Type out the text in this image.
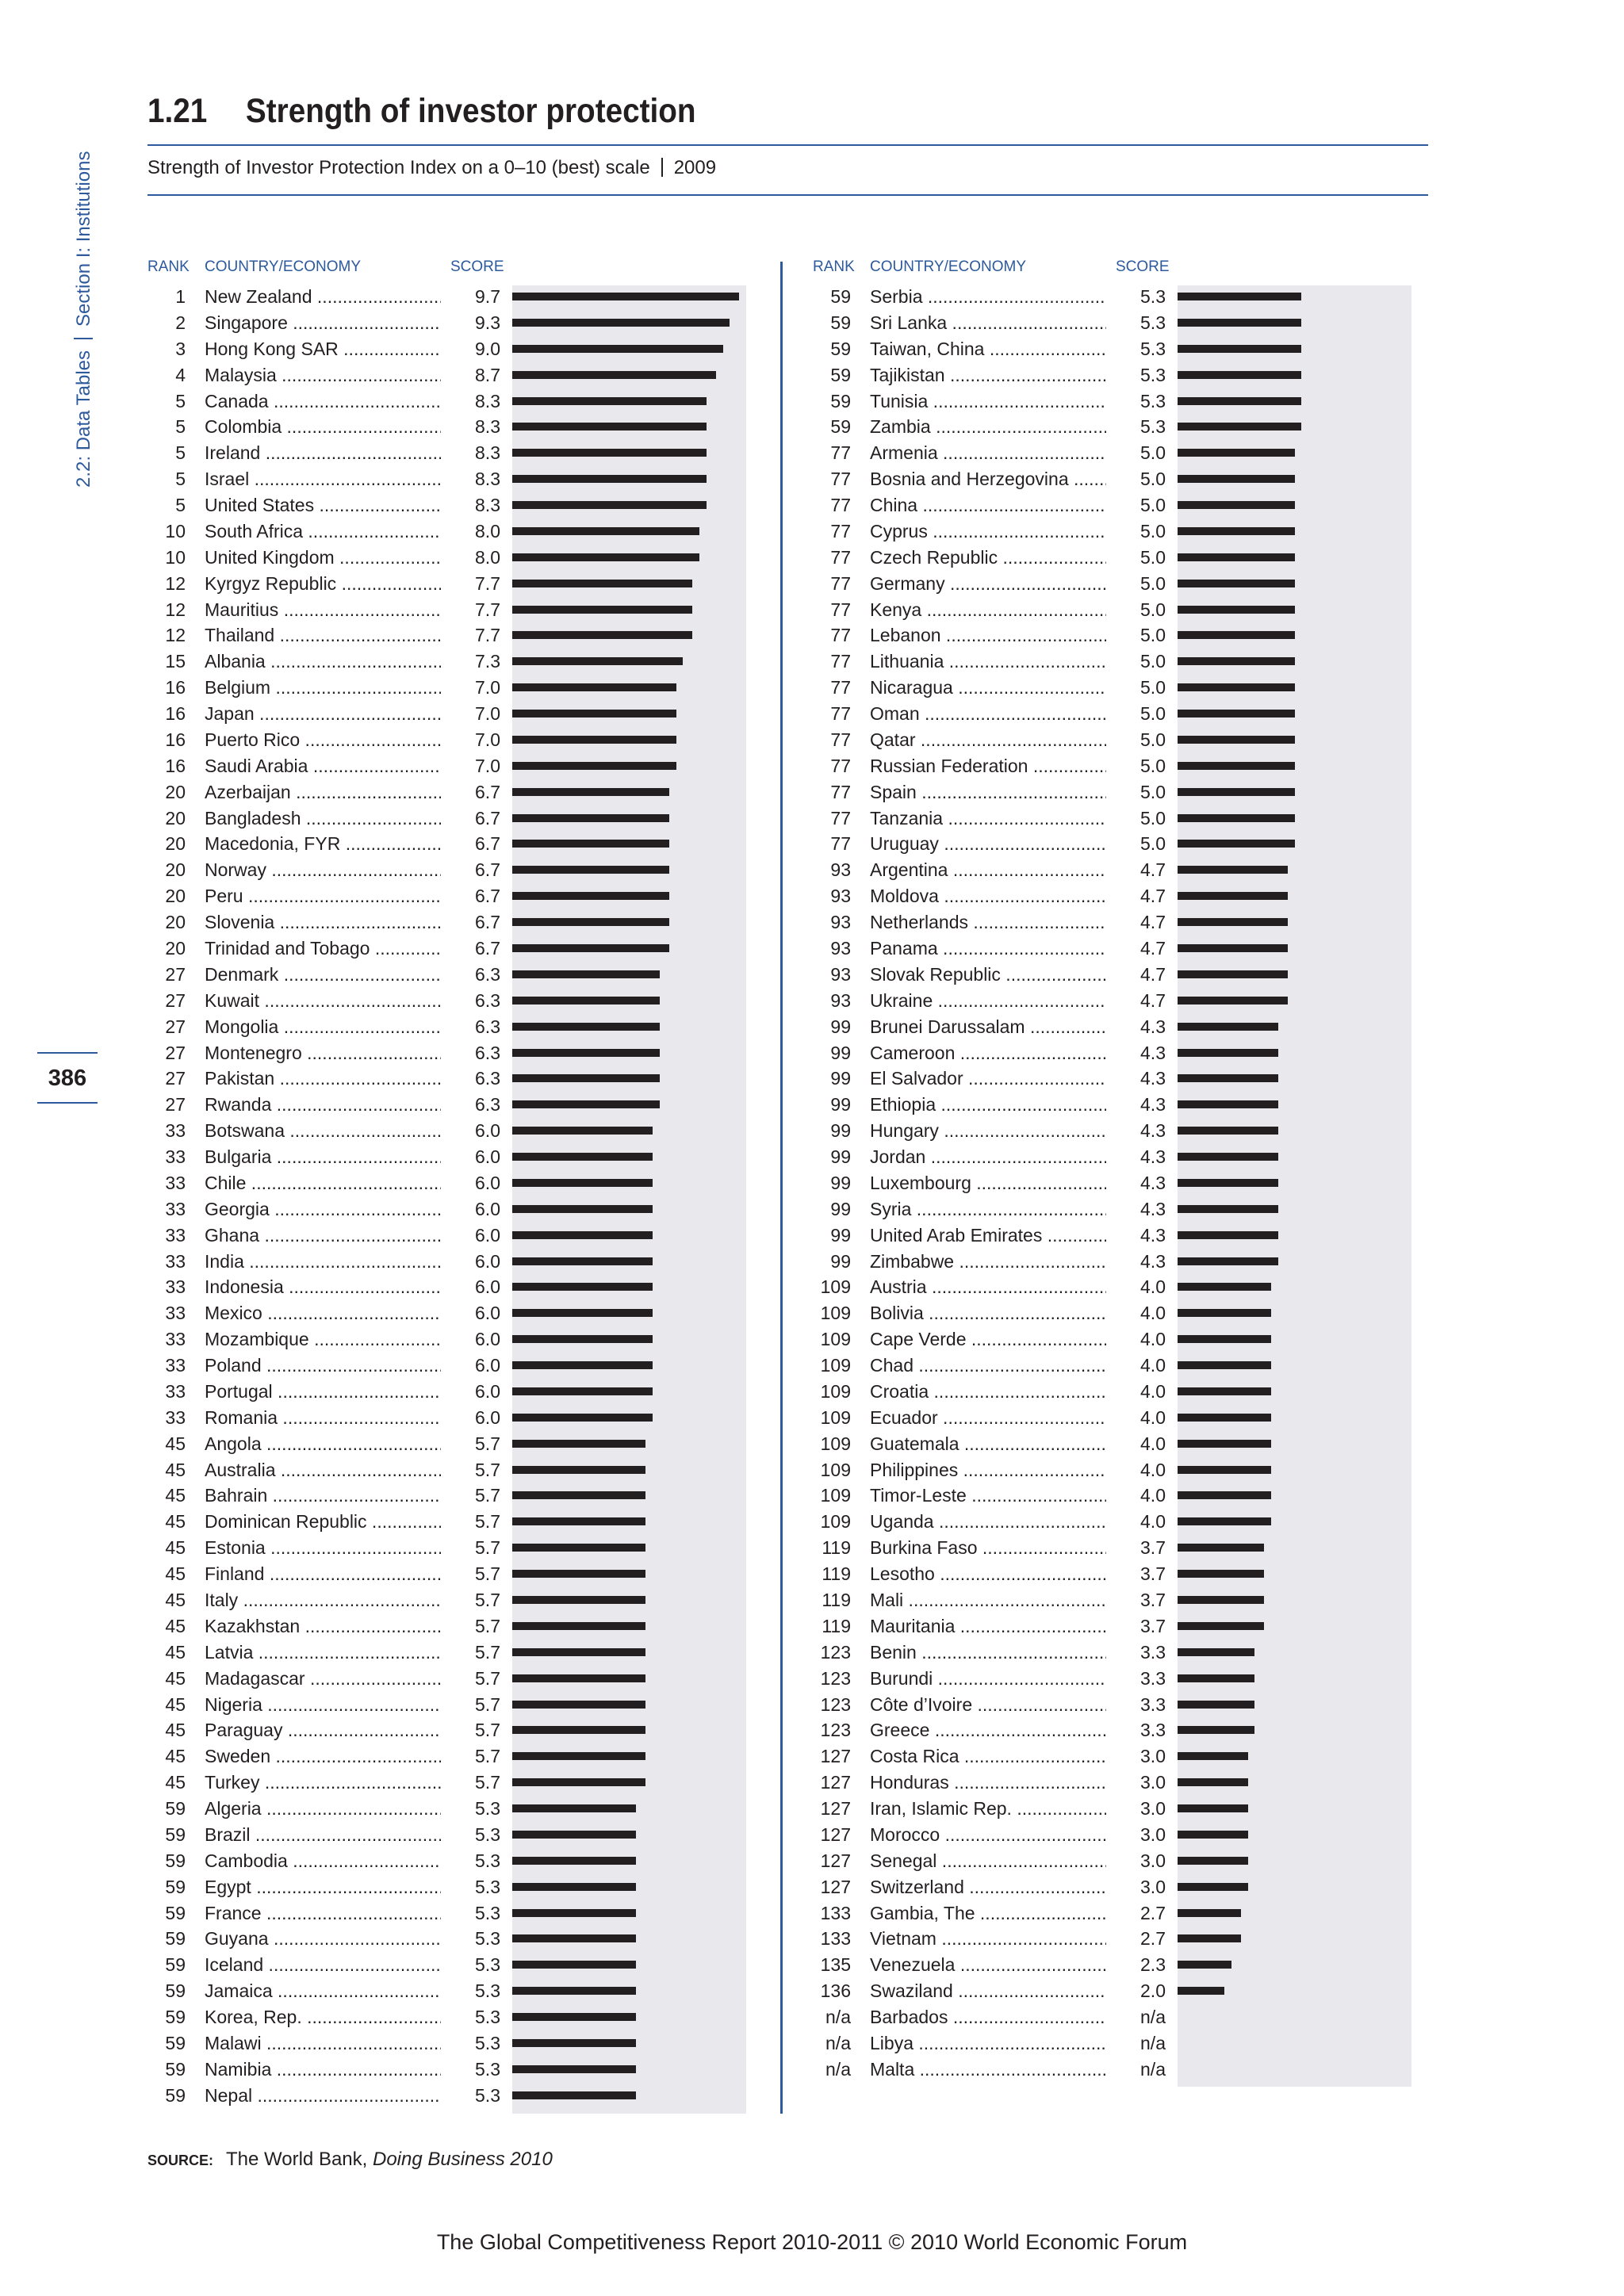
2.2: Data TablesSection I: Institutions
386
1.21 Strength of investor protection
Strength of Investor Protection Index on a 0–10 (best) scale 2009
RANK COUNTRY/ECONOMY	SCORE	RANK COUNTRY/ECONOMY	SCORE
1 New Zealand .....	9.7
2 Singapore .....	9.3
3 Hong Kong SAR .....	9.0
4 Malaysia .....	8.7
5 Canada .....	8.3
5 Colombia .....	8.3
5 Ireland .....	8.3
5 Israel .....	8.3
5 United States .....	8.3
10 South Africa .....	8.0
10 United Kingdom .....	8.0
12 Kyrgyz Republic .....	7.7
12 Mauritius .....	7.7
12 Thailand .....	7.7
15 Albania .....	7.3
16 Belgium .....	7.0
16 Japan .....	7.0
16 Puerto Rico .....	7.0
16 Saudi Arabia .....	7.0
20 Azerbaijan .....	6.7
20 Bangladesh .....	6.7
20 Macedonia, FYR .....	6.7
20 Norway .....	6.7
20 Peru .....	6.7
20 Slovenia .....	6.7
20 Trinidad and Tobago .....	6.7
27 Denmark .....	6.3
27 Kuwait .....	6.3
27 Mongolia .....	6.3
27 Montenegro .....	6.3
27 Pakistan .....	6.3
27 Rwanda .....	6.3
33 Botswana .....	6.0
33 Bulgaria .....	6.0
33 Chile .....	6.0
33 Georgia .....	6.0
33 Ghana .....	6.0
33 India .....	6.0
33 Indonesia .....	6.0
33 Mexico .....	6.0
33 Mozambique .....	6.0
33 Poland .....	6.0
33 Portugal .....	6.0
33 Romania .....	6.0
45 Angola .....	5.7
45 Australia .....	5.7
45 Bahrain .....	5.7
45 Dominican Republic .....	5.7
45 Estonia .....	5.7
45 Finland .....	5.7
45 Italy .....	5.7
45 Kazakhstan .....	5.7
45 Latvia .....	5.7
45 Madagascar .....	5.7
45 Nigeria .....	5.7
45 Paraguay .....	5.7
45 Sweden .....	5.7
45 Turkey .....	5.7
59 Algeria .....	5.3
59 Brazil .....	5.3
59 Cambodia .....	5.3
59 Egypt .....	5.3
59 France .....	5.3
59 Guyana .....	5.3
59 Iceland .....	5.3
59 Jamaica .....	5.3
59 Korea, Rep. .....	5.3
59 Malawi .....	5.3
59 Namibia .....	5.3
59 Nepal .....	5.3
59 Serbia .....	5.3
59 Sri Lanka .....	5.3
59 Taiwan, China .....	5.3
59 Tajikistan .....	5.3
59 Tunisia .....	5.3
59 Zambia .....	5.3
77 Armenia .....	5.0
77 Bosnia and Herzegovina .....	5.0
77 China .....	5.0
77 Cyprus .....	5.0
77 Czech Republic .....	5.0
77 Germany .....	5.0
77 Kenya .....	5.0
77 Lebanon .....	5.0
77 Lithuania .....	5.0
77 Nicaragua .....	5.0
77 Oman .....	5.0
77 Qatar .....	5.0
77 Russian Federation .....	5.0
77 Spain .....	5.0
77 Tanzania .....	5.0
77 Uruguay .....	5.0
93 Argentina .....	4.7
93 Moldova .....	4.7
93 Netherlands .....	4.7
93 Panama .....	4.7
93 Slovak Republic .....	4.7
93 Ukraine .....	4.7
99 Brunei Darussalam .....	4.3
99 Cameroon .....	4.3
99 El Salvador .....	4.3
99 Ethiopia .....	4.3
99 Hungary .....	4.3
99 Jordan .....	4.3
99 Luxembourg .....	4.3
99 Syria .....	4.3
99 United Arab Emirates .....	4.3
99 Zimbabwe .....	4.3
109 Austria .....	4.0
109 Bolivia .....	4.0
109 Cape Verde .....	4.0
109 Chad .....	4.0
109 Croatia .....	4.0
109 Ecuador .....	4.0
109 Guatemala .....	4.0
109 Philippines .....	4.0
109 Timor-Leste .....	4.0
109 Uganda .....	4.0
119 Burkina Faso .....	3.7
119 Lesotho .....	3.7
119 Mali .....	3.7
119 Mauritania .....	3.7
123 Benin .....	3.3
123 Burundi .....	3.3
123 Côte d’Ivoire .....	3.3
123 Greece .....	3.3
127 Costa Rica .....	3.0
127 Honduras .....	3.0
127 Iran, Islamic Rep. .....	3.0
127 Morocco .....	3.0
127 Senegal .....	3.0
127 Switzerland .....	3.0
133 Gambia, The .....	2.7
133 Vietnam .....	2.7
135 Venezuela .....	2.3
136 Swaziland .....	2.0
n/a Barbados .....	n/a
n/a Libya .....	n/a
n/a Malta .....	n/a
SOURCE: The World Bank, Doing Business 2010
The Global Competitiveness Report 2010-2011 © 2010 World Economic Forum
